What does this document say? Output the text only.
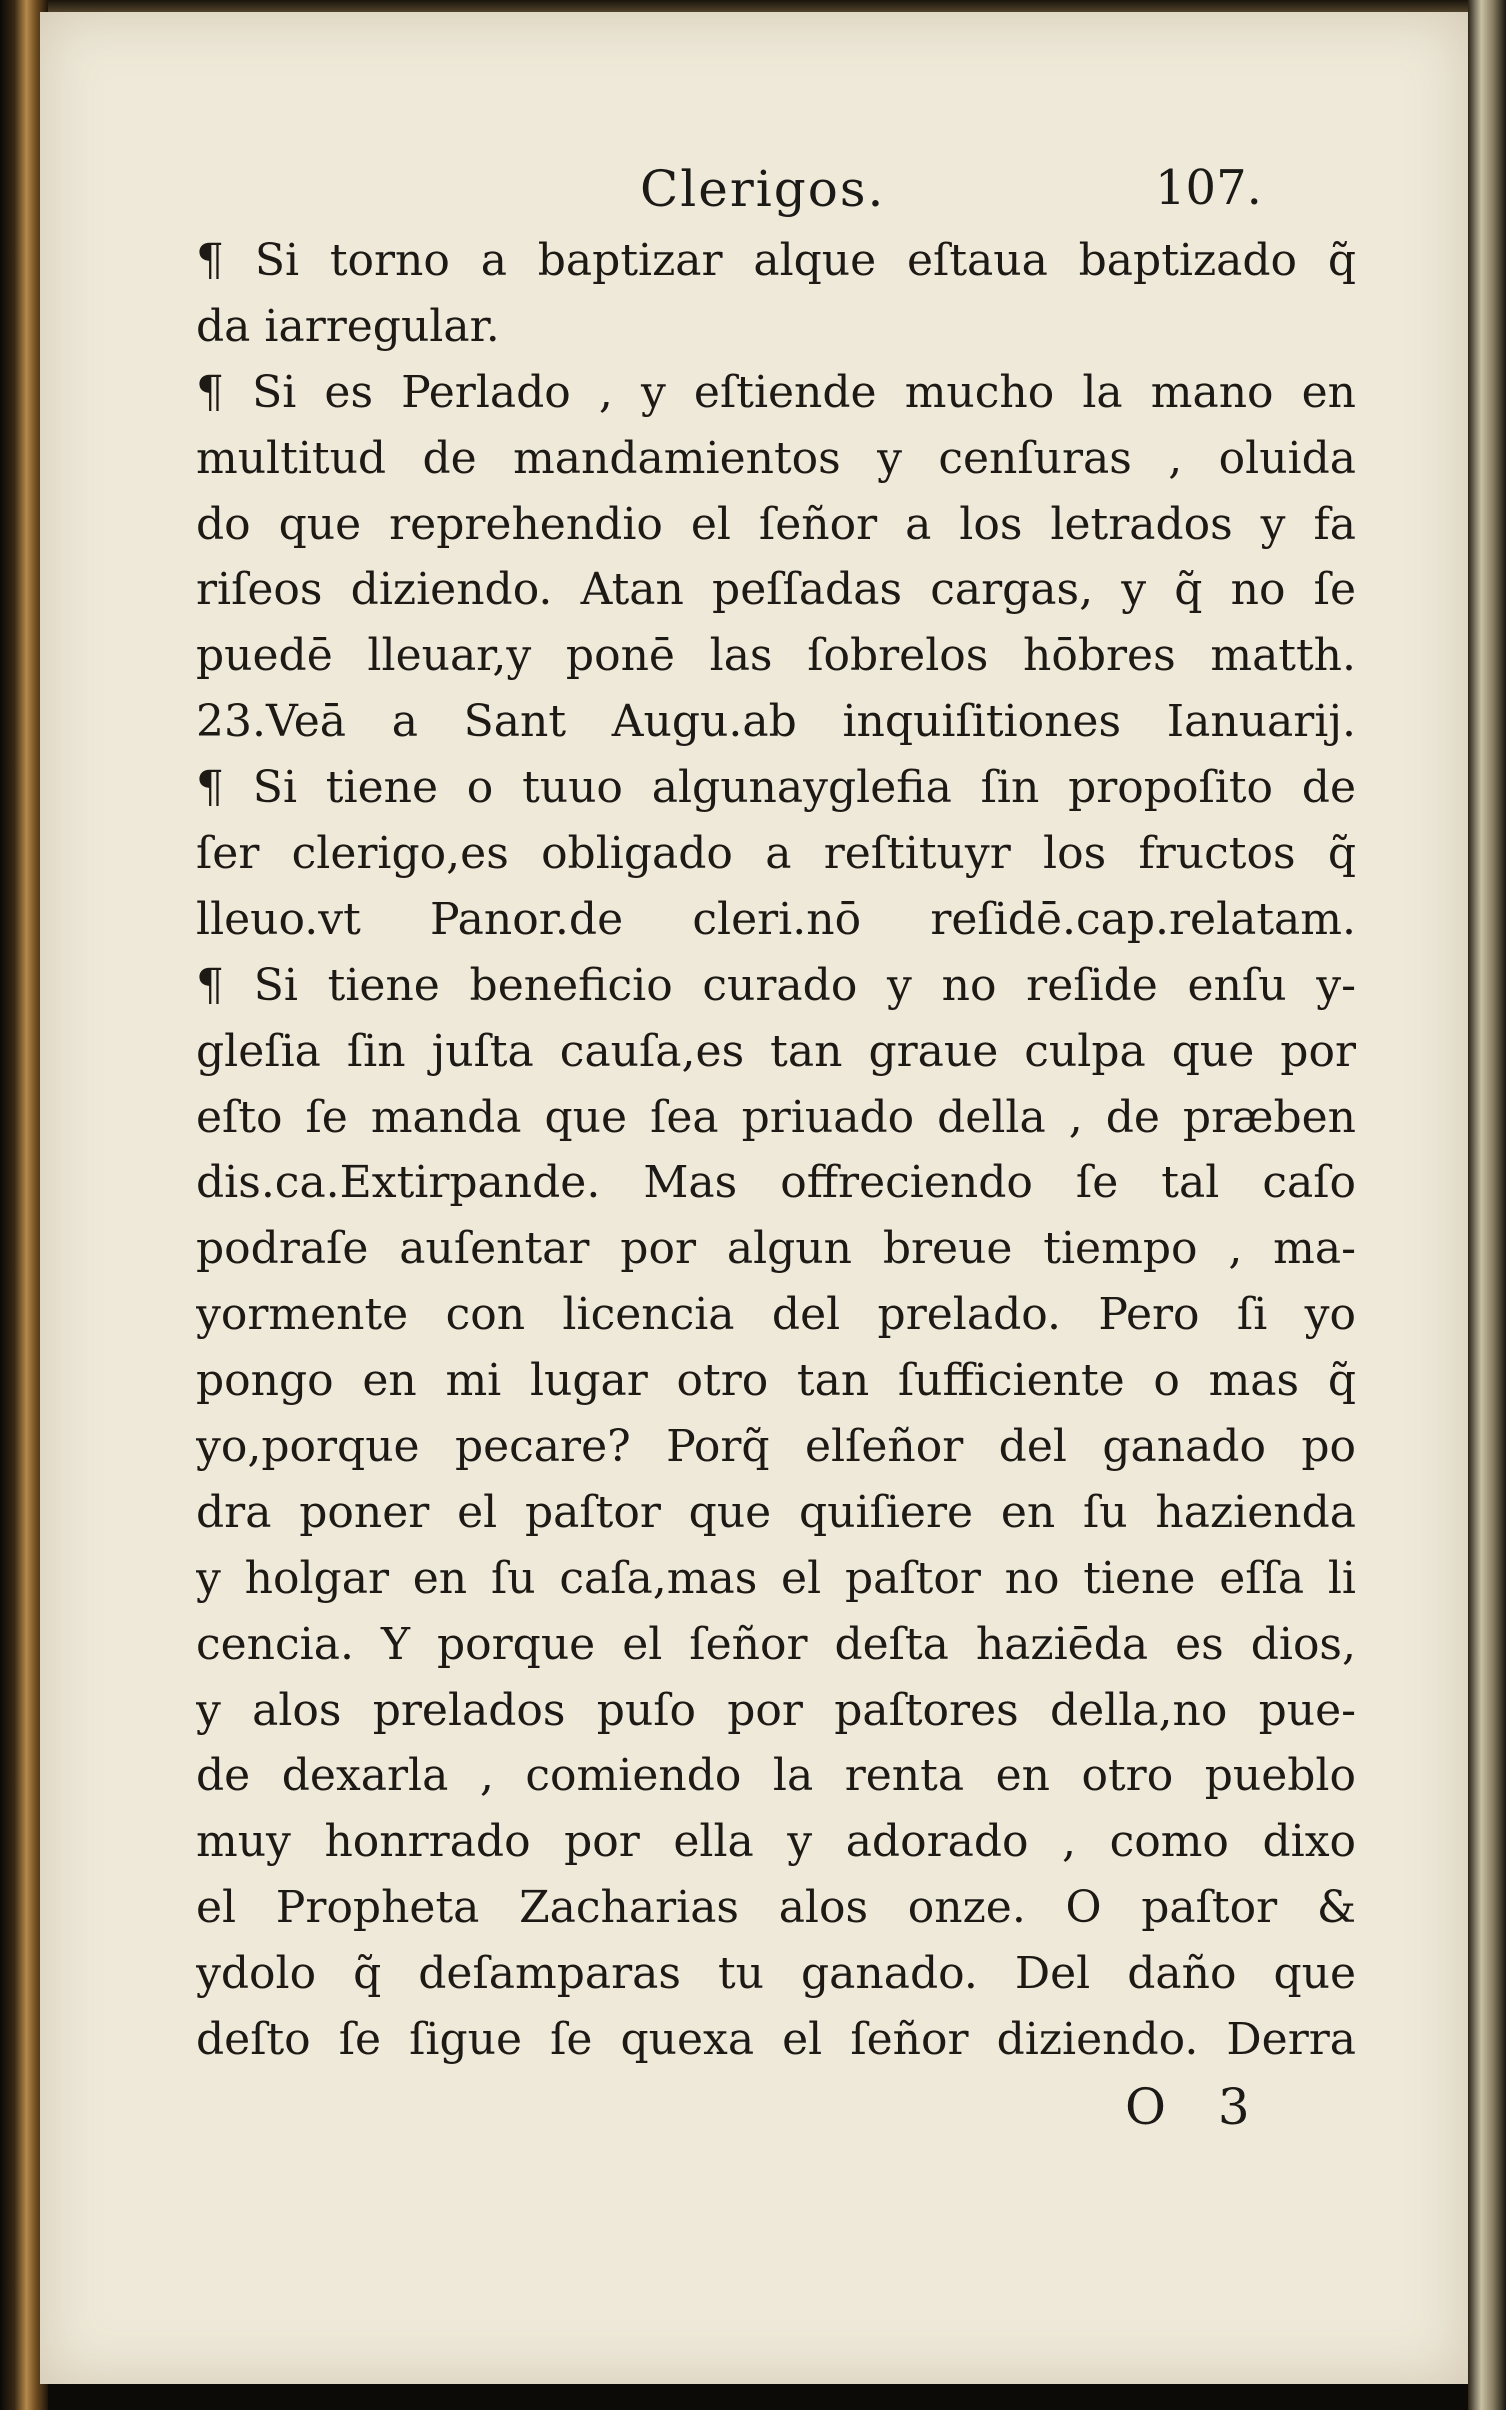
Clerigos.	107.
¶ Si torno a baptizar alque eſtaua baptizado q̃
da iarregular.
¶ Si es Perlado , y eſtiende mucho la mano en
multitud de mandamientos y cenſuras , oluida
do que reprehendio el ſeñor a los letrados y fa
riſeos diziendo. Atan peſſadas cargas, y q̃ no ſe
puedē lleuar,y ponē las ſobrelos hōbres matth.
23.Veā a Sant Augu.ab inquiſitiones Ianuarij.
¶ Si tiene o tuuo algunayglefia ſin propoſito de
ſer clerigo,es obligado a reſtituyr los fructos q̃
lleuo.vt Panor.de cleri.nō reſidē.cap.relatam.
¶ Si tiene beneficio curado y no reſide enſu y-
gleſia ſin juſta cauſa,es tan graue culpa que por
eſto ſe manda que ſea priuado della , de præben
dis.ca.Extirpande. Mas offreciendo ſe tal caſo
podraſe auſentar por algun breue tiempo , ma-
yormente con licencia del prelado. Pero ſi yo
pongo en mi lugar otro tan ſufficiente o mas q̃
yo,porque pecare? Porq̃ elſeñor del ganado po
dra poner el paſtor que quiſiere en ſu hazienda
y holgar en ſu caſa,mas el paſtor no tiene eſſa li
cencia. Y porque el ſeñor deſta haziēda es dios,
y alos prelados puſo por paſtores della,no pue-
de dexarla , comiendo la renta en otro pueblo
muy honrrado por ella y adorado , como dixo
el Propheta Zacharias alos onze. O paſtor &
ydolo q̃ deſamparas tu ganado. Del daño que
deſto ſe ſigue ſe quexa el ſeñor diziendo. Derra
O 3
